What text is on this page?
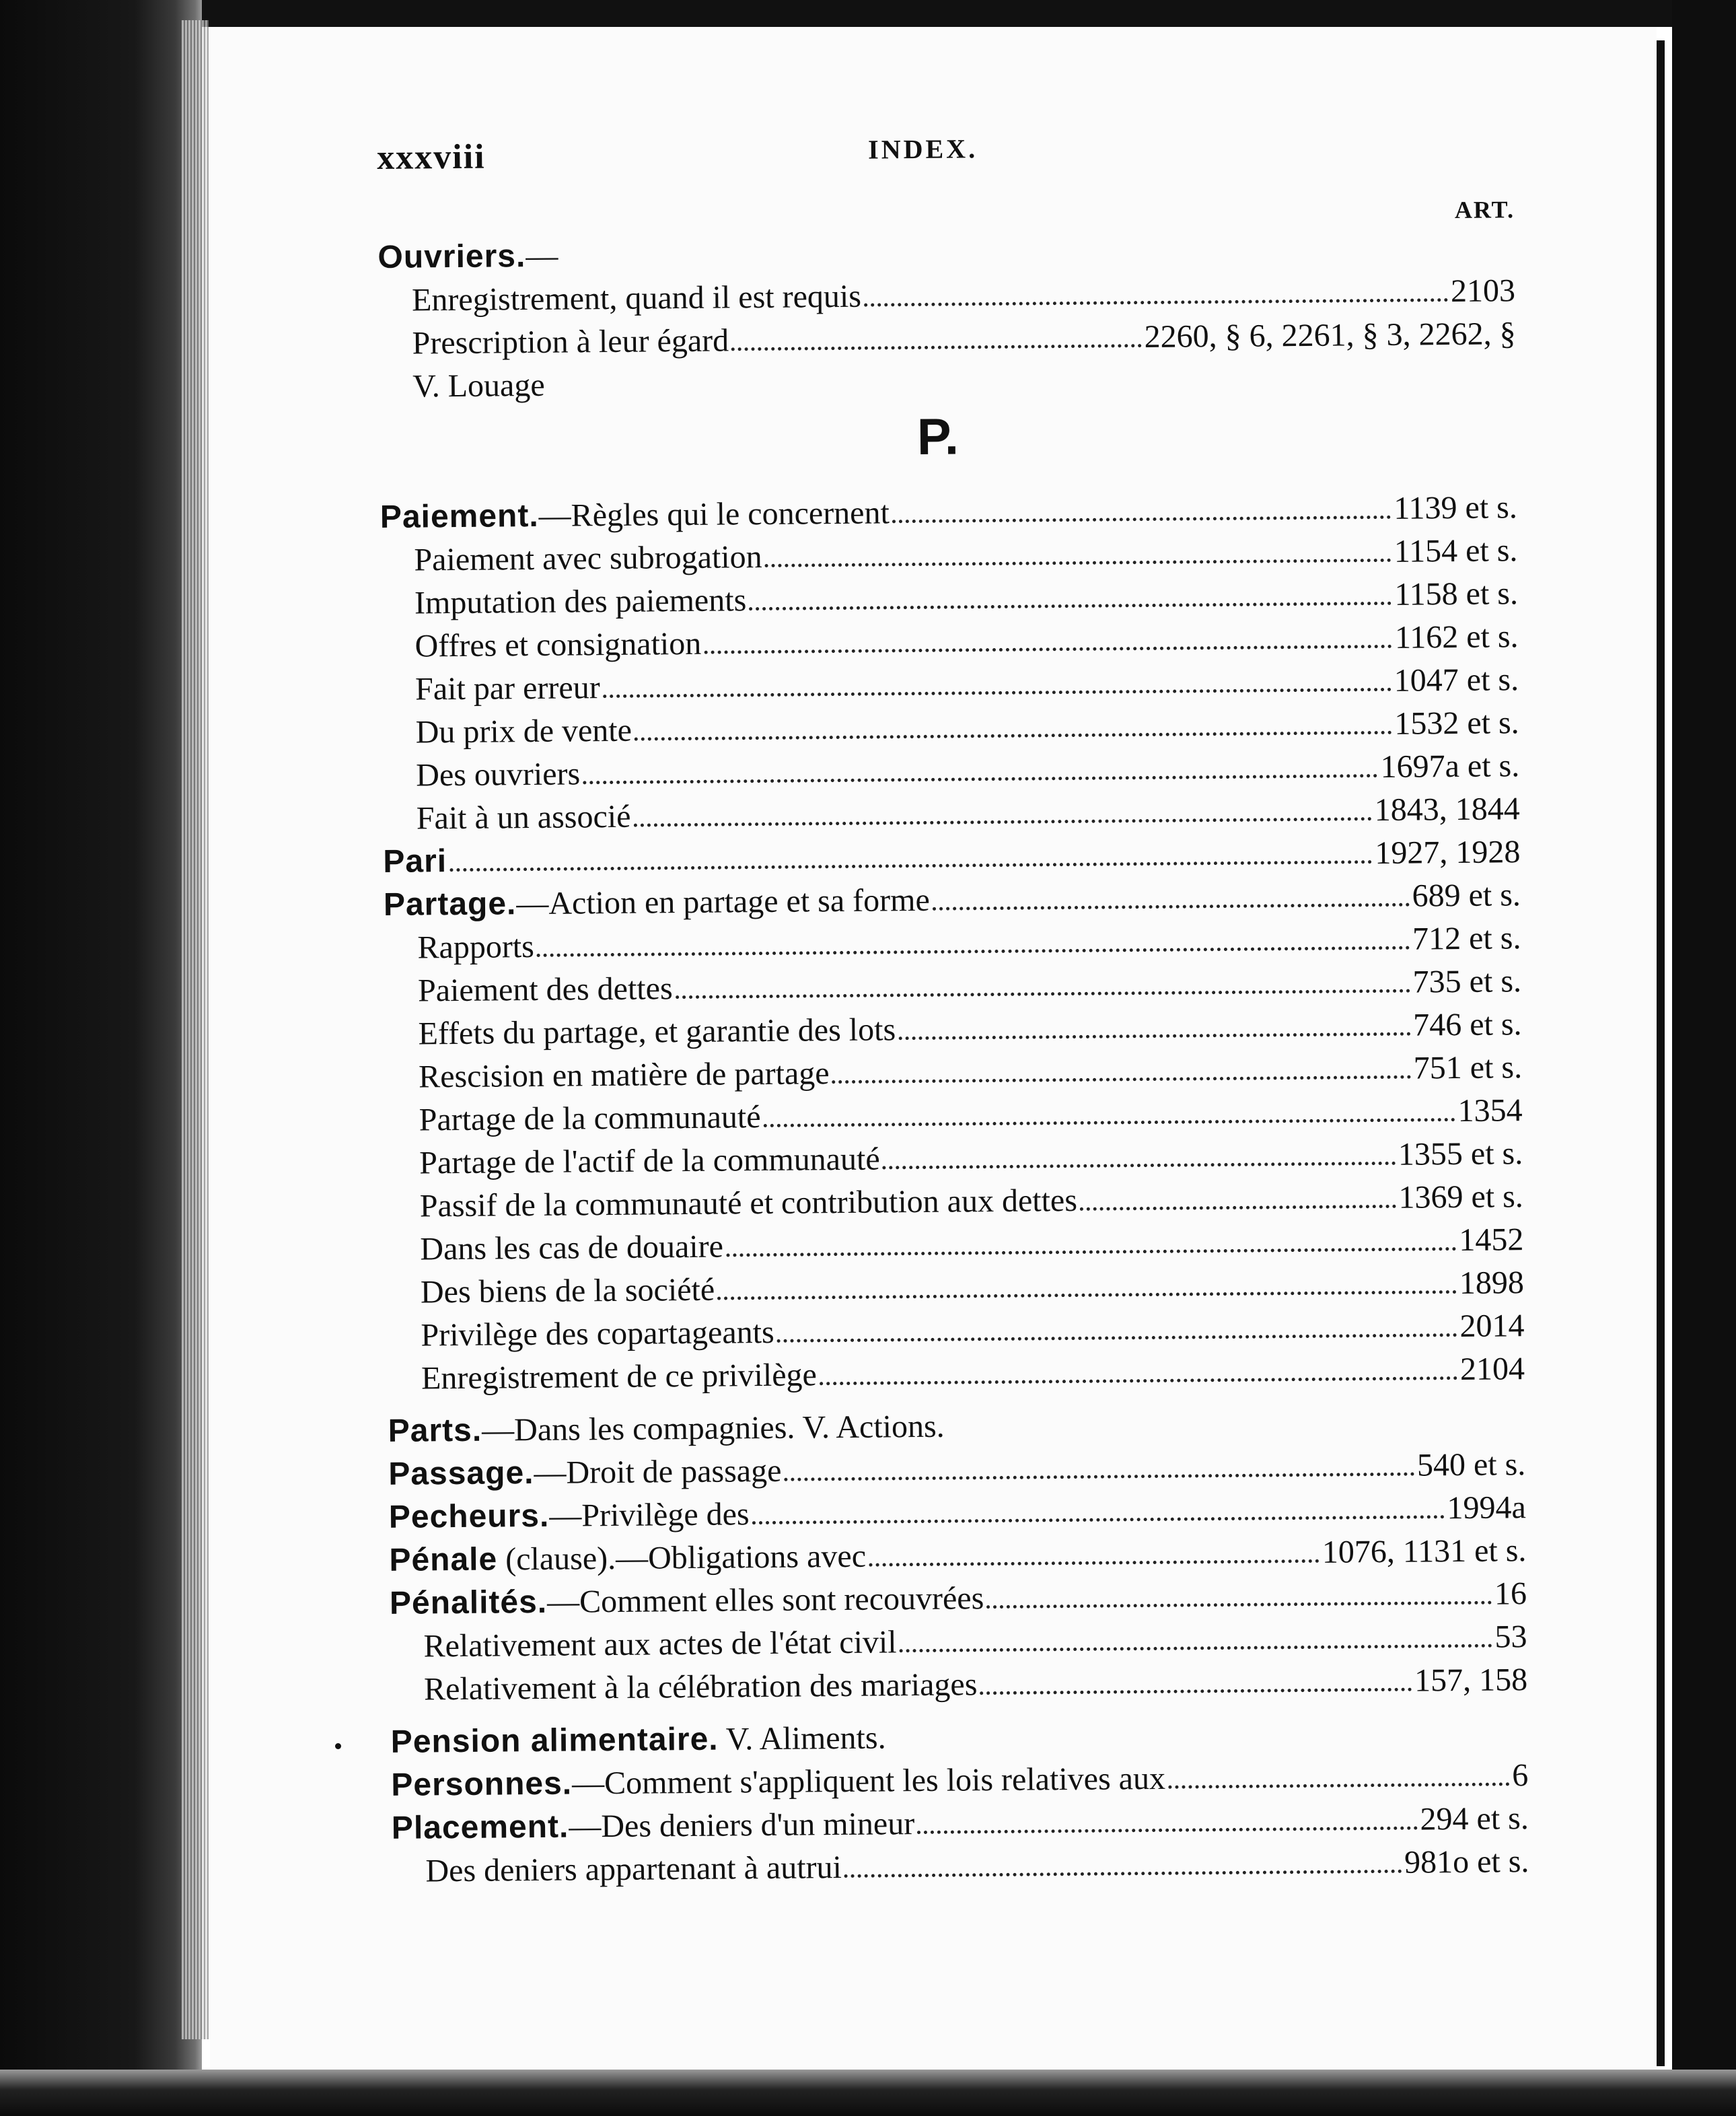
xxxviii	INDEX.
ART.
Ouvriers.—
Enregistrement, quand il est requis	2103
Prescription à leur égard	2260, § 6, 2261, § 3, 2262, §
V. Louage
P.
Paiement.—Règles qui le concernent	1139 et s.
Paiement avec subrogation	1154 et s.
Imputation des paiements	1158 et s.
Offres et consignation	1162 et s.
Fait par erreur	1047 et s.
Du prix de vente	1532 et s.
Des ouvriers	1697a et s.
Fait à un associé	1843, 1844
Pari	1927, 1928
Partage.—Action en partage et sa forme	689 et s.
Rapports	712 et s.
Paiement des dettes	735 et s.
Effets du partage, et garantie des lots	746 et s.
Rescision en matière de partage	751 et s.
Partage de la communauté	1354
Partage de l'actif de la communauté	1355 et s.
Passif de la communauté et contribution aux dettes	1369 et s.
Dans les cas de douaire	1452
Des biens de la société	1898
Privilège des copartageants	2014
Enregistrement de ce privilège	2104
Parts.—Dans les compagnies. V. Actions.
Passage.—Droit de passage	540 et s.
Pecheurs.—Privilège des	1994a
Pénale (clause).—Obligations avec	1076, 1131 et s.
Pénalités.—Comment elles sont recouvrées	16
Relativement aux actes de l'état civil	53
Relativement à la célébration des mariages	157, 158
Pension alimentaire. V. Aliments.
Personnes.—Comment s'appliquent les lois relatives aux	6
Placement.—Des deniers d'un mineur	294 et s.
Des deniers appartenant à autrui	981o et s.
